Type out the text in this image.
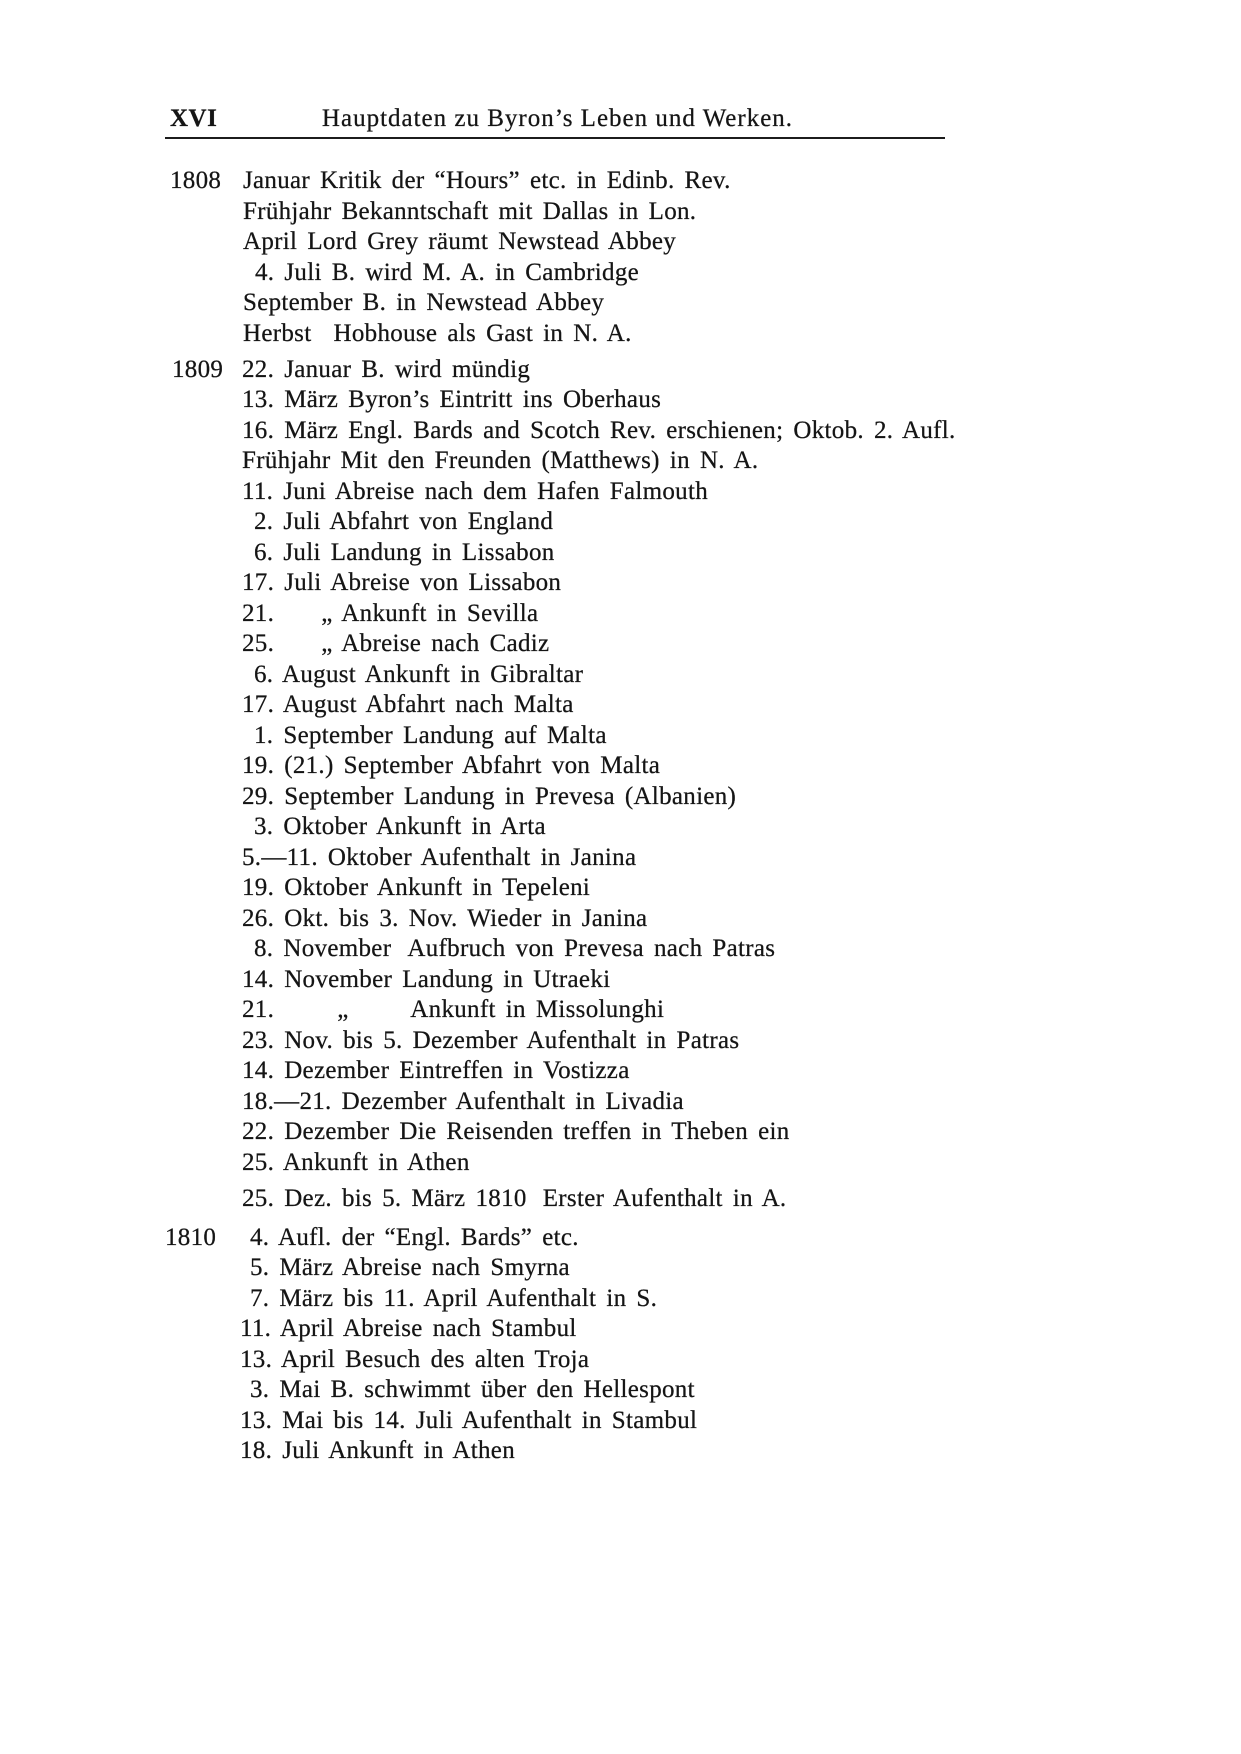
XVI	Hauptdaten zu Byron’s Leben und Werken.
Januar Kritik der “Hours” etc. in Edinb. Rev.
1808
Frühjahr Bekanntschaft mit Dallas in Lon.
April Lord Grey räumt Newstead Abbey
4. Juli B. wird M. A. in Cambridge
September B. in Newstead Abbey
Herbst Hobhouse als Gast in N. A.
22. Januar B. wird mündig
1809
13. März Byron’s Eintritt ins Oberhaus
16. März Engl. Bards and Scotch Rev. erschienen; Oktob. 2. Aufl.
Frühjahr Mit den Freunden (Matthews) in N. A.
11. Juni Abreise nach dem Hafen Falmouth
2. Juli Abfahrt von England
6. Juli Landung in Lissabon
17. Juli Abreise von Lissabon
21. „ Ankunft in Sevilla
25. „ Abreise nach Cadiz
6. August Ankunft in Gibraltar
17. August Abfahrt nach Malta
1. September Landung auf Malta
19. (21.) September Abfahrt von Malta
29. September Landung in Prevesa (Albanien)
3. Oktober Ankunft in Arta
5.—11. Oktober Aufenthalt in Janina
19. Oktober Ankunft in Tepeleni
26. Okt. bis 3. Nov. Wieder in Janina
8. November Aufbruch von Prevesa nach Patras
14. November Landung in Utraeki
21.	„ Ankunft in Missolunghi
23. Nov. bis 5. Dezember Aufenthalt in Patras
14. Dezember Eintreffen in Vostizza
18.—21. Dezember Aufenthalt in Livadia
22. Dezember Die Reisenden treffen in Theben ein
25. Ankunft in Athen
25. Dez. bis 5. März 1810 Erster Aufenthalt in A.
4. Aufl. der “Engl. Bards” etc.
1810
5. März Abreise nach Smyrna
7. März bis 11. April Aufenthalt in S.
11. April Abreise nach Stambul
13. April Besuch des alten Troja
3. Mai B. schwimmt über den Hellespont
13. Mai bis 14. Juli Aufenthalt in Stambul
18. Juli Ankunft in Athen
